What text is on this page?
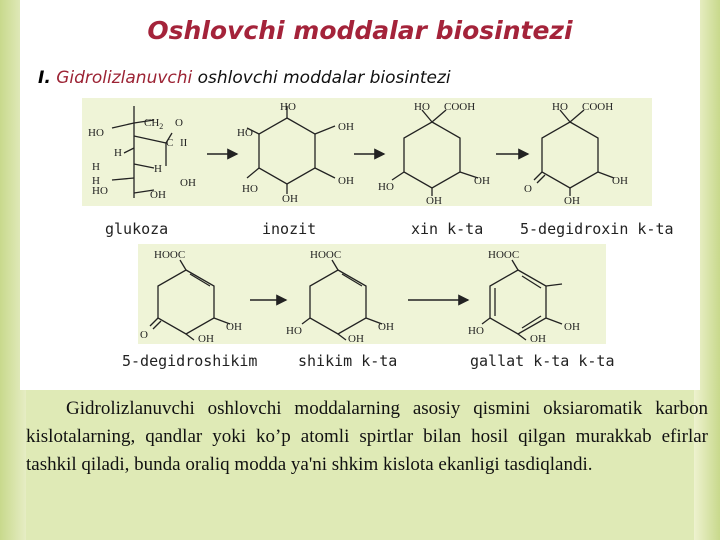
Oshlovchi moddalar biosintezi

I. Gidrolizlanuvchi oshlovchi moddalar biosintezi

HO
$CH_2$ O
C II
H
H
H
H	OH
HO	OH
HO
OH
HO
OH
OH
HO
HO COOH
OH
OH
HO
HO COOH
OH
OH
O
glukoza	inozit	xin k-ta 5-degidroxin k-ta
HOOC
OH
OH
O
HOOC
OH
OH
HO
HOOC
OH
OH
HO
5-degidroshikim	shikim k-ta	gallat k-ta k-ta

Gidrolizlanuvchi oshlovchi moddalarning asosiy qismini oksiaromatik karbon kislotalarning, qandlar yoki ko’p atomli spirtlar bilan hosil qilgan murakkab efirlar tashkil qiladi, bunda oraliq modda ya'ni shkim kislota ekanligi tasdiqlandi.
